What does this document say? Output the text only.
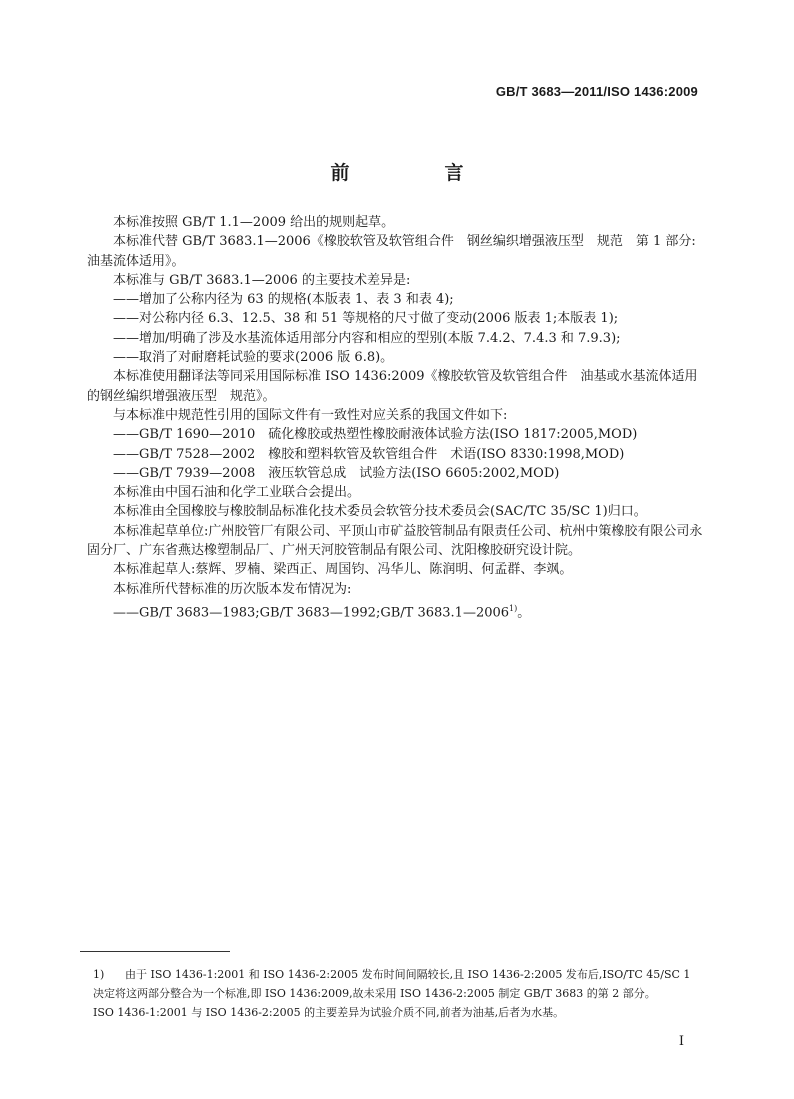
GB/T 3683—2011/ISO 1436:2009
前　言

本标准按照 GB/T 1.1—2009 给出的规则起草。

本标准代替 GB/T 3683.1—2006《橡胶软管及软管组合件　钢丝编织增强液压型　规范　第 1 部分:油基流体适用》。

本标准与 GB/T 3683.1—2006 的主要技术差异是:

——增加了公称内径为 63 的规格(本版表 1、表 3 和表 4);

——对公称内径 6.3、12.5、38 和 51 等规格的尺寸做了变动(2006 版表 1;本版表 1);

——增加/明确了涉及水基流体适用部分内容和相应的型别(本版 7.4.2、7.4.3 和 7.9.3);

——取消了对耐磨耗试验的要求(2006 版 6.8)。

本标准使用翻译法等同采用国际标准 ISO 1436:2009《橡胶软管及软管组合件　油基或水基流体适用的钢丝编织增强液压型　规范》。

与本标准中规范性引用的国际文件有一致性对应关系的我国文件如下:

——GB/T 1690—2010　硫化橡胶或热塑性橡胶耐液体试验方法(ISO 1817:2005,MOD)

——GB/T 7528—2002　橡胶和塑料软管及软管组合件　术语(ISO 8330:1998,MOD)

——GB/T 7939—2008　液压软管总成　试验方法(ISO 6605:2002,MOD)

本标准由中国石油和化学工业联合会提出。

本标准由全国橡胶与橡胶制品标准化技术委员会软管分技术委员会(SAC/TC 35/SC 1)归口。

本标准起草单位:广州胶管厂有限公司、平顶山市矿益胶管制品有限责任公司、杭州中策橡胶有限公司永固分厂、广东省燕达橡塑制品厂、广州天河胶管制品有限公司、沈阳橡胶研究设计院。

本标准起草人:蔡辉、罗楠、梁西正、周国钧、冯华儿、陈润明、何孟群、李飒。

本标准所代替标准的历次版本发布情况为:

——GB/T 3683—1983;GB/T 3683—1992;GB/T 3683.1—2006$^{1)}$。

1)	由于 ISO 1436-1:2001 和 ISO 1436-2:2005 发布时间间隔较长,且 ISO 1436-2:2005 发布后,ISO/TC 45/SC 1

决定将这两部分整合为一个标准,即 ISO 1436:2009,故未采用 ISO 1436-2:2005 制定 GB/T 3683 的第 2 部分。

ISO 1436-1:2001 与 ISO 1436-2:2005 的主要差异为试验介质不同,前者为油基,后者为水基。

I
